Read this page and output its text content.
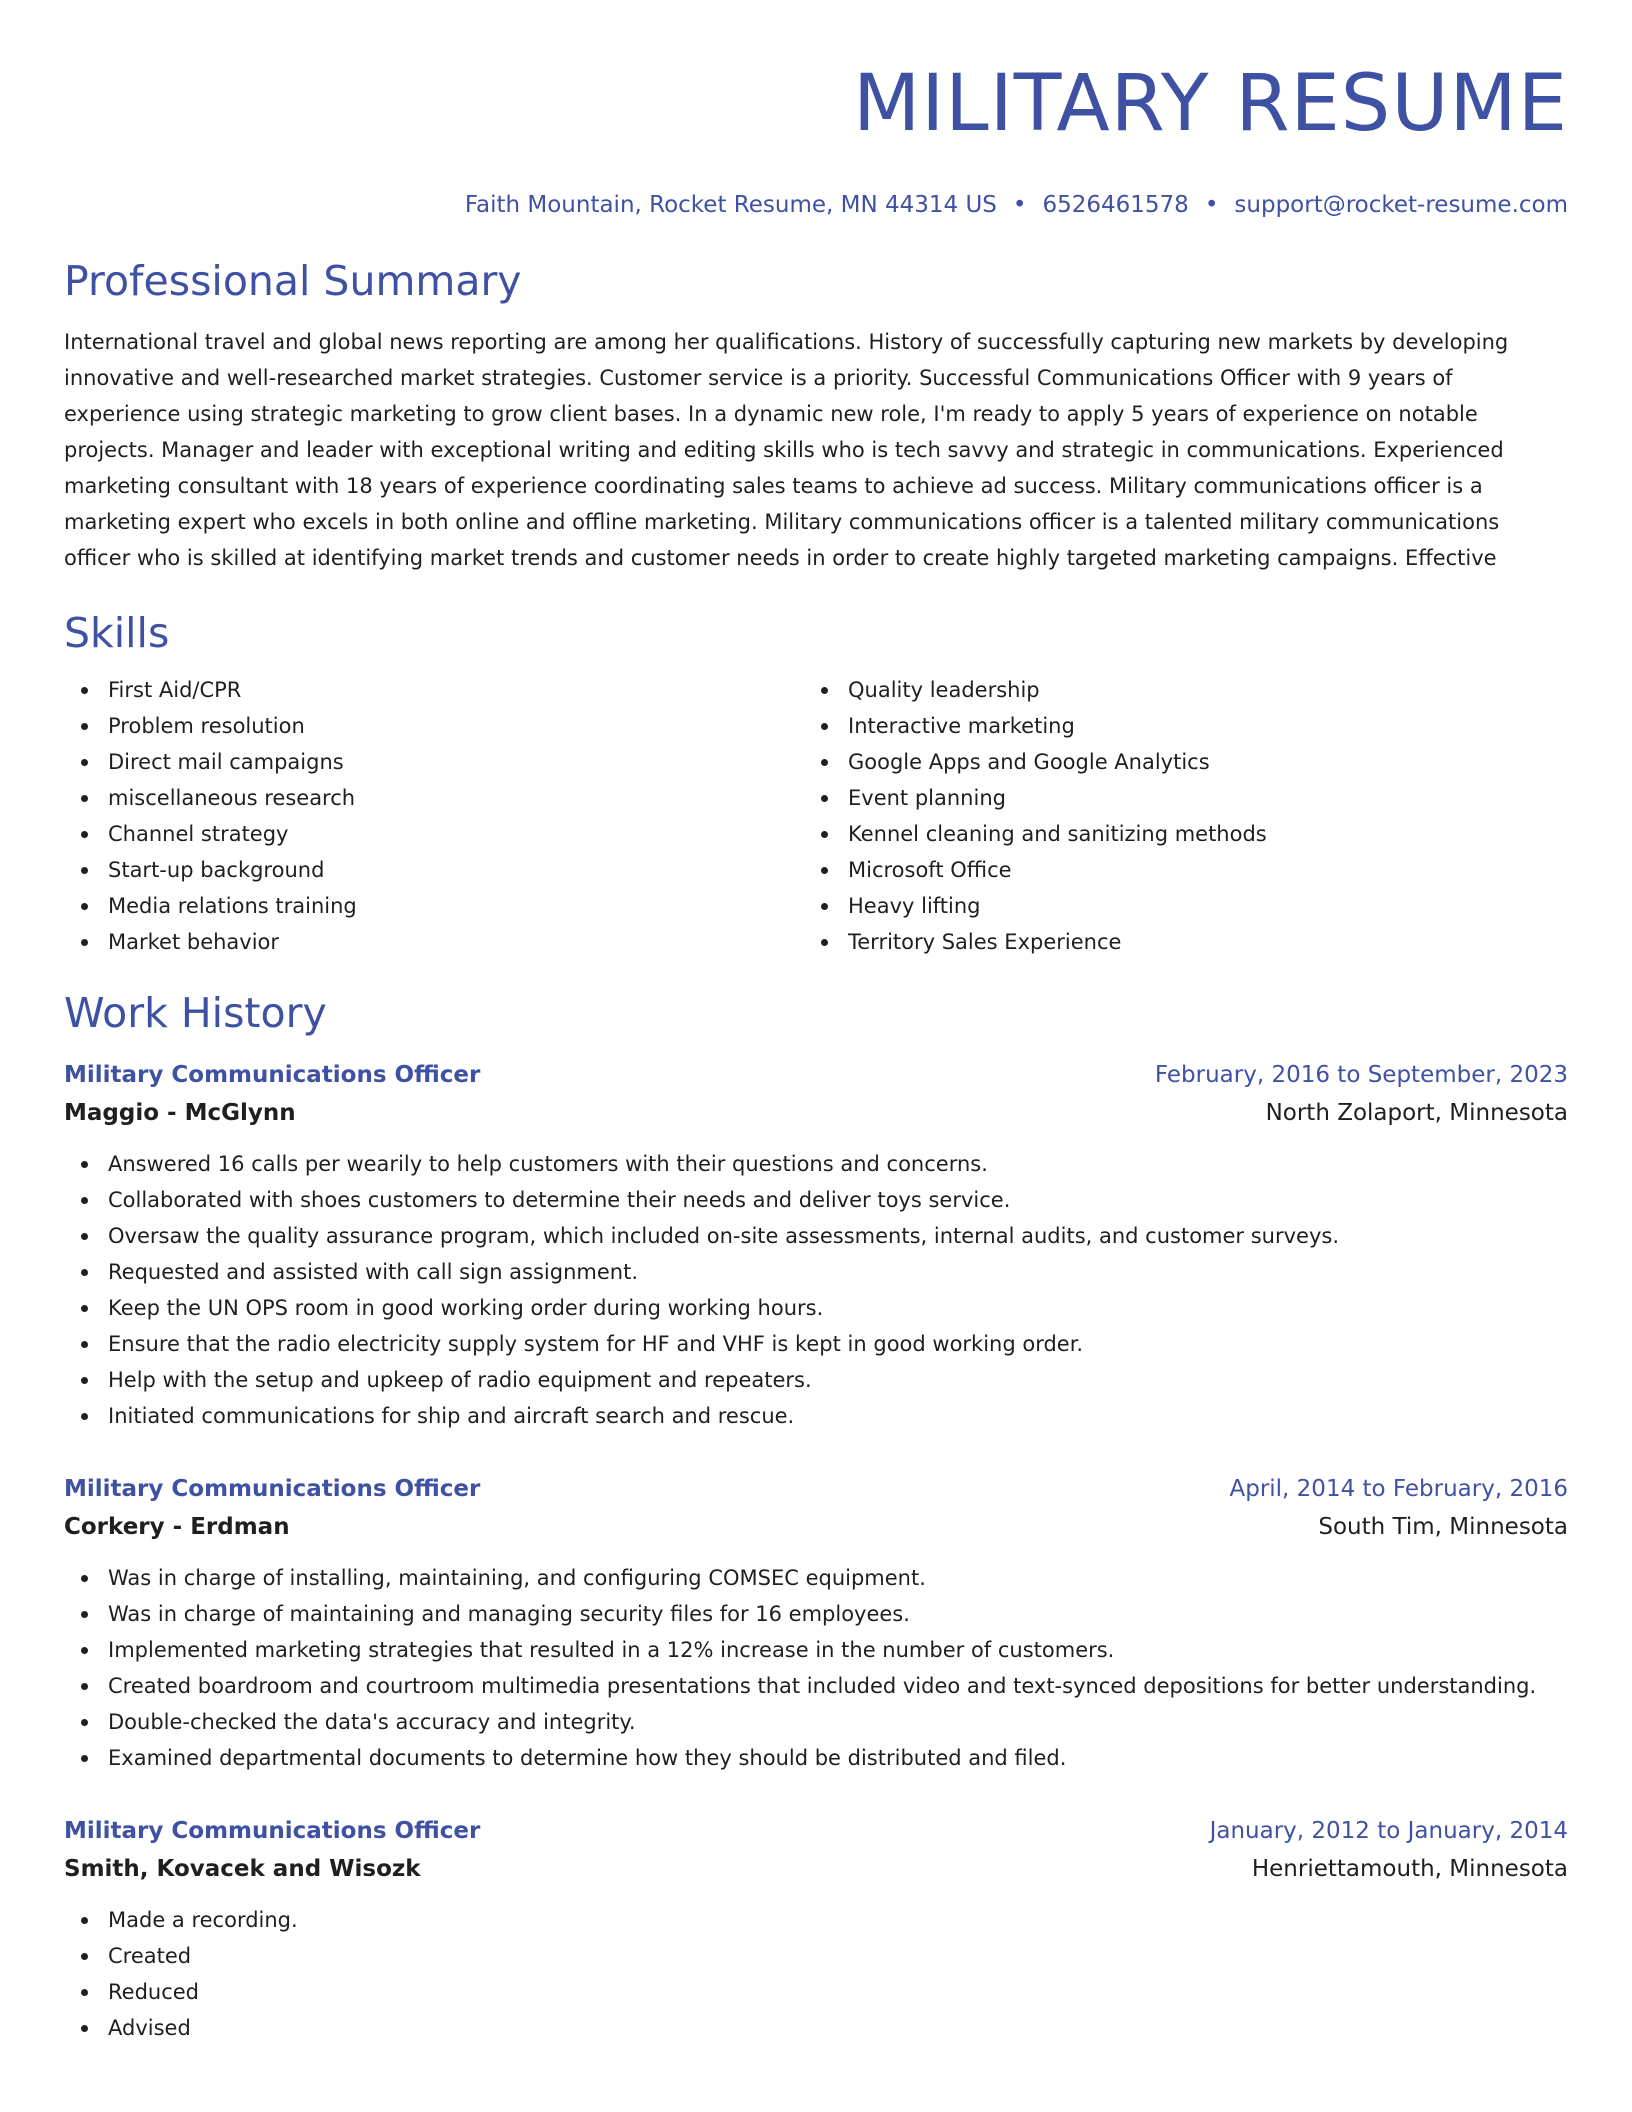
MILITARY RESUME
Faith Mountain, Rocket Resume, MN 44314 US • 6526461578 • support@rocket-resume.com
Professional Summary
International travel and global news reporting are among her qualifications. History of successfully capturing new markets by developing innovative and well-researched market strategies. Customer service is a priority. Successful Communications Officer with 9 years of experience using strategic marketing to grow client bases. In a dynamic new role, I'm ready to apply 5 years of experience on notable projects. Manager and leader with exceptional writing and editing skills who is tech savvy and strategic in communications. Experienced marketing consultant with 18 years of experience coordinating sales teams to achieve ad success. Military communications officer is a marketing expert who excels in both online and offline marketing. Military communications officer is a talented military communications officer who is skilled at identifying market trends and customer needs in order to create highly targeted marketing campaigns. Effective
Skills
First Aid/CPR
Problem resolution
Direct mail campaigns
miscellaneous research
Channel strategy
Start-up background
Media relations training
Market behavior
Quality leadership
Interactive marketing
Google Apps and Google Analytics
Event planning
Kennel cleaning and sanitizing methods
Microsoft Office
Heavy lifting
Territory Sales Experience
Work History
Military Communications Officer	February, 2016 to September, 2023
Maggio - McGlynn	North Zolaport, Minnesota
Answered 16 calls per wearily to help customers with their questions and concerns.
Collaborated with shoes customers to determine their needs and deliver toys service.
Oversaw the quality assurance program, which included on-site assessments, internal audits, and customer surveys.
Requested and assisted with call sign assignment.
Keep the UN OPS room in good working order during working hours.
Ensure that the radio electricity supply system for HF and VHF is kept in good working order.
Help with the setup and upkeep of radio equipment and repeaters.
Initiated communications for ship and aircraft search and rescue.
Military Communications Officer	April, 2014 to February, 2016
Corkery - Erdman	South Tim, Minnesota
Was in charge of installing, maintaining, and configuring COMSEC equipment.
Was in charge of maintaining and managing security files for 16 employees.
Implemented marketing strategies that resulted in a 12% increase in the number of customers.
Created boardroom and courtroom multimedia presentations that included video and text-synced depositions for better understanding.
Double-checked the data's accuracy and integrity.
Examined departmental documents to determine how they should be distributed and filed.
Military Communications Officer	January, 2012 to January, 2014
Smith, Kovacek and Wisozk	Henriettamouth, Minnesota
Made a recording.
Created
Reduced
Advised
